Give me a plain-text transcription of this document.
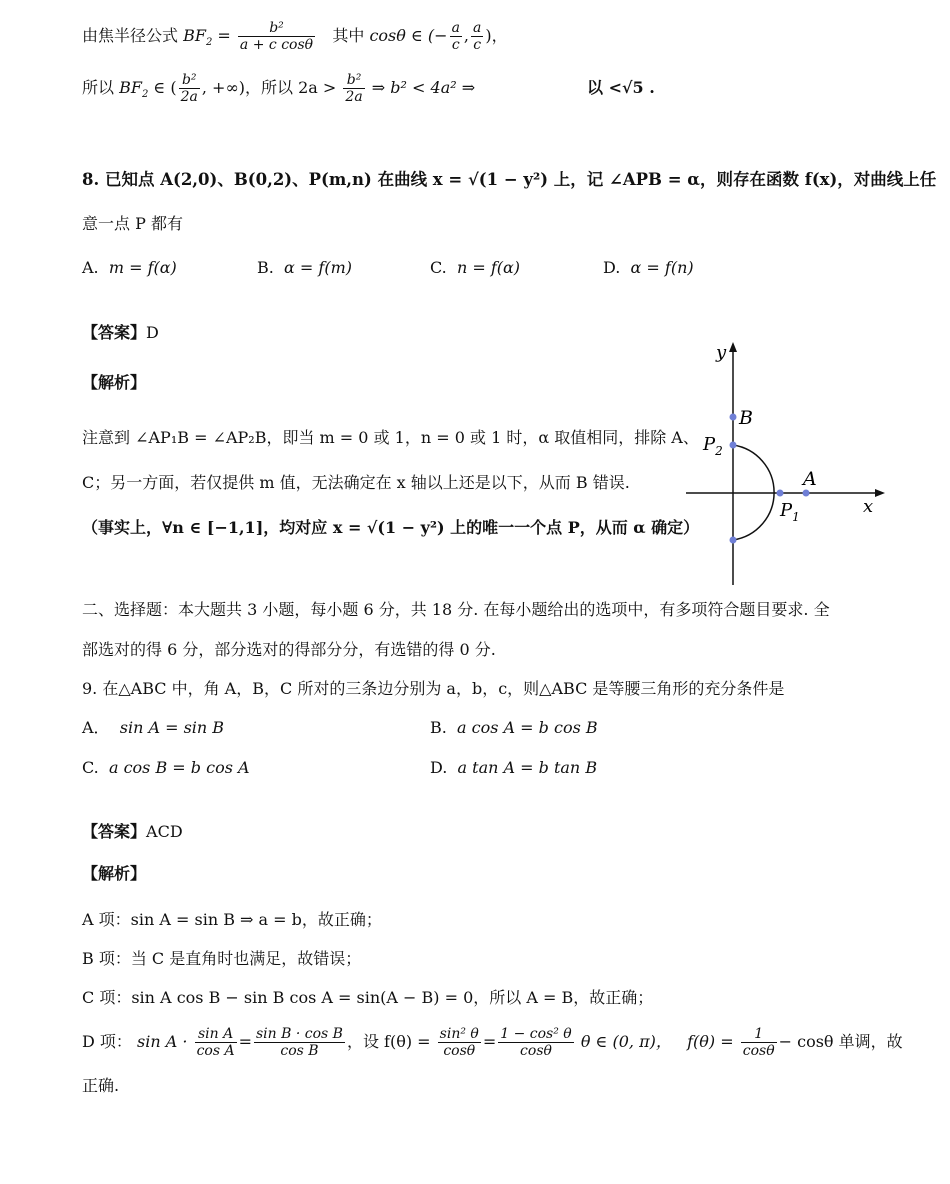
由焦半径公式 $BF_2 = \frac{\text{b²}}{\text{a + c cosθ}}$ 其中 cosθ ∈ (− $\frac{a}{c}$ , $\frac{a}{c}$ )，
所以 $BF_2$ ∈ ( $\frac{\text{b²}}{2a}$ , +∞)，所以 $2a > \frac{\text{b²}}{2a}$ ⇒ b² < 4a² ⇒	以 <√5 .
8. 已知点 A(2,0)、B(0,2)、P(m,n) 在曲线 x = √(1 − y²) 上，记 ∠APB = α，则存在函数 f(x)，对曲线上任
意一点 P 都有
A. m = f(α)	B. α = f(m)	C. n = f(α)	D. α = f(n)
【答案】D
【解析】
注意到 ∠AP₁B = ∠AP₂B，即当 m = 0 或 1，n = 0 或 1 时，α 取值相同，排除 A、
C；另一方面，若仅提供 m 值，无法确定在 x 轴以上还是以下，从而 B 错误.
（事实上，∀n ∈ [−1,1]，均对应 x = √(1 − y²) 上的唯一一个点 P，从而 α 确定）
y
x
B
A
$P_1$
$P_2$
二、选择题：本大题共 3 小题，每小题 6 分，共 18 分. 在每小题给出的选项中，有多项符合题目要求. 全
部选对的得 6 分，部分选对的得部分分，有选错的得 0 分.
9. 在△ABC 中，角 A，B，C 所对的三条边分别为 a，b，c，则△ABC 是等腰三角形的充分条件是
A． sin A = sin B	B. a cos A = b cos B
C. a cos B = b cos A	D. a tan A = b tan B
【答案】ACD
【解析】
A 项：sin A = sin B ⇒ a = b，故正确；
B 项：当 C 是直角时也满足，故错误；
C 项：sin A cos B − sin B cos A = sin(A − B) = 0，所以 A = B，故正确；
D 项： $\sin A \cdot \frac{\text{sin A}}{\text{cos A}} = \frac{\text{sin B · cos B}}{\text{cos B}}$ ，设 $f(\theta) = \frac{\text{sin² θ}}{\cos\theta} = \frac{\text{1 − cos² θ}}{\cos\theta}$ θ ∈ (0, π)， $f(\theta) = \frac{1}{\cos\theta} - \cos\theta$ 单调，故
正确.
